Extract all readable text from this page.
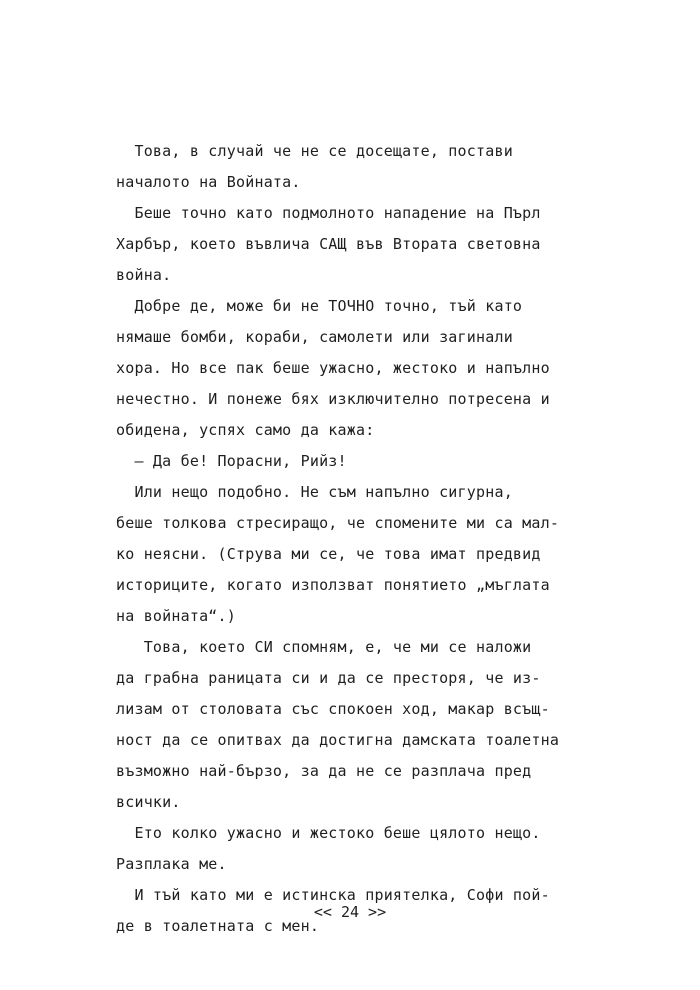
Това, в случай че не се досещате, постави
началото на Войната.
Беше точно като подмолното нападение на Пърл
Харбър, което въвлича САЩ във Втората световна
война.
Добре де, може би не ТОЧНО точно, тъй като
нямаше бомби, кораби, самолети или загинали
хора. Но все пак беше ужасно, жестоко и напълно
нечестно. И понеже бях изключително потресена и
обидена, успях само да кажа:
— Да бе! Порасни, Рийз!
Или нещо подобно. Не съм напълно сигурна,
беше толкова стресиращо, че спомените ми са мал-
ко неясни. (Струва ми се, че това имат предвид
историците, когато използват понятието „мъглата
на войната“.)
Това, което СИ спомням, е, че ми се наложи
да грабна раницата си и да се престоря, че из-
лизам от столовата със спокоен ход, макар всъщ-
ност да се опитвах да достигна дамската тоалетна
възможно най-бързо, за да не се разплача пред
всички.
Ето колко ужасно и жестоко беше цялото нещо.
Разплака ме.
И тъй като ми е истинска приятелка, Софи пой-
де в тоалетната с мен.
<< 24 >>
